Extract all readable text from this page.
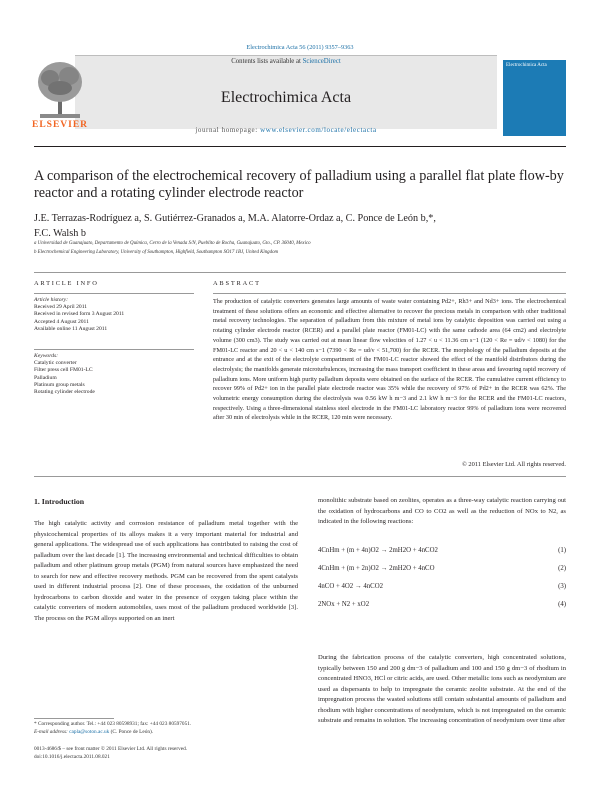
Electrochimica Acta 56 (2011) 9357–9363
Contents lists available at ScienceDirect
Electrochimica Acta
journal homepage: www.elsevier.com/locate/electacta
ELSEVIER
Electrochimica Acta
A comparison of the electrochemical recovery of palladium using a parallel flat plate flow-by reactor and a rotating cylinder electrode reactor
J.E. Terrazas-Rodríguez a, S. Gutiérrez-Granados a, M.A. Alatorre-Ordaz a, C. Ponce de León b,*,
F.C. Walsh b
a Universidad de Guanajuato, Departamento de Química, Cerro de la Venada S/N, Pueblito de Rocha, Guanajuato, Gto., CP. 36040, Mexico
b Electrochemical Engineering Laboratory, University of Southampton, Highfield, Southampton SO17 1BJ, United Kingdom
ARTICLE INFO
Article history:
Received 29 April 2011
Received in revised form 3 August 2011
Accepted 4 August 2011
Available online 11 August 2011
Keywords:
Catalytic converter
Filter press cell FM01-LC
Palladium
Platinum group metals
Rotating cylinder electrode
ABSTRACT
The production of catalytic converters generates large amounts of waste water containing Pd2+, Rh3+ and Nd3+ ions. The electrochemical treatment of these solutions offers an economic and effective alternative to recover the precious metals in comparison with other traditional metal recovery technologies. The separation of palladium from this mixture of metal ions by catalytic deposition was carried out using a rotating cylinder electrode reactor (RCER) and a parallel plate reactor (FM01-LC) with the same cathode area (64 cm2) and electrolyte volume (300 cm3). The study was carried out at mean linear flow velocities of 1.27 < u < 11.36 cm s−1 (120 < Re = ud/ν < 1080) for the FM01-LC reactor and 20 < u < 140 cm s−1 (7390 < Re = ud/ν < 51,700) for the RCER. The morphology of the palladium deposits at the entrance and at the exit of the electrolyte compartment of the FM01-LC reactor showed the effect of the manifold distributors during the electrolysis; the manifolds generate microturbulences, increasing the mass transport coefficient in these areas and favouring rapid recovery of palladium ions. More uniform high purity palladium deposits were obtained on the surface of the RCER. The cumulative current efficiency to recover 99% of Pd2+ ion in the parallel plate electrode reactor was 35% while the recovery of 97% of Pd2+ in the RCER was 62%. The volumetric energy consumption during the electrolysis was 0.56 kW h m−3 and 2.1 kW h m−3 for the RCER and the FM01-LC reactors, respectively. Using a three-dimensional stainless steel electrode in the FM01-LC laboratory reactor 99% of palladium ions were recovered after 30 min of electrolysis while in the RCER, 120 min were necessary.
© 2011 Elsevier Ltd. All rights reserved.
1. Introduction
The high catalytic activity and corrosion resistance of palladium metal together with the physicochemical properties of its alloys makes it a very important material for industrial and general applications. The widespread use of such applications has contributed to raising the cost of palladium over the last decade [1]. The increasing environmental and technical difficulties to obtain palladium and other platinum group metals (PGM) from natural sources have emphasized the need to search for new and effective recovery methods. PGM can be recovered from the spent catalysts used in different industrial process [2]. One of these processes, the oxidation of the unburned hydrocarbons to carbon dioxide and water in the presence of oxygen taking place within the catalytic converters of modern automobiles, uses most of the palladium produced worldwide [3]. The process on the PGM alloys supported on an inert
monolithic substrate based on zeolites, operates as a three-way catalytic reaction carrying out the oxidation of hydrocarbons and CO to CO2 as well as the reduction of NOx to N2, as indicated in the following reactions:
4CnHm + (m + 4n)O2 → 2mH2O + 4nCO2	(1)
4CnHm + (m + 2n)O2 → 2mH2O + 4nCO	(2)
4nCO + 4O2 → 4nCO2	(3)
2NOx + N2 + xO2	(4)
During the fabrication process of the catalytic converters, high concentrated solutions, typically between 150 and 200 g dm−3 of palladium and 100 and 150 g dm−3 of rhodium in concentrated HNO3, HCl or citric acids, are used. Other metallic ions such as neodymium are used as dispersants to help to impregnate the ceramic zeolite substrate. At the end of the impregnation process the wasted solutions still contain substantial amounts of palladium and rhodium with higher concentrations of neodymium, which is not impregnated on the ceramic substrate and remains in solution. The increasing concentration of neodymium over time after
* Corresponding author. Tel.: +44 023 80598931; fax: +44 023 80597051.
E-mail address: capla@soton.ac.uk (C. Ponce de León).
0013-4686/$ – see front matter © 2011 Elsevier Ltd. All rights reserved.
doi:10.1016/j.electacta.2011.08.021
